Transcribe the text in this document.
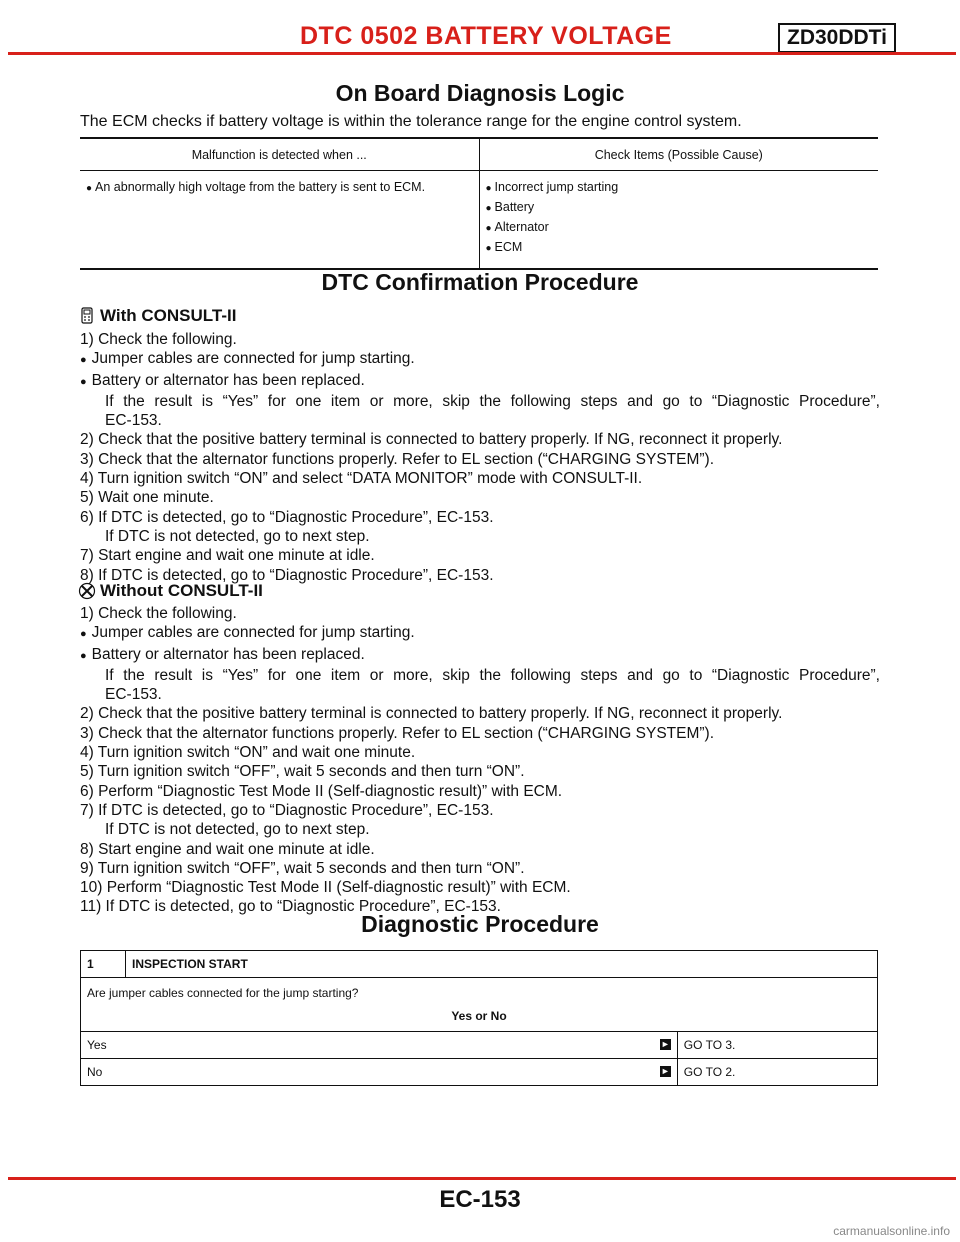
DTC 0502 BATTERY VOLTAGE	ZD30DDTi
On Board Diagnosis Logic
The ECM checks if battery voltage is within the tolerance range for the engine control system.
Malfunction is detected when ...	Check Items (Possible Cause)

● An abnormally high voltage from the battery is sent to ECM.	● Incorrect jump starting
● Battery
● Alternator
● ECM
DTC Confirmation Procedure
With CONSULT-II
1) Check the following.
● Jumper cables are connected for jump starting.
● Battery or alternator has been replaced.
If the result is “Yes” for one item or more, skip the following steps and go to “Diagnostic Procedure”,
EC-153.
2) Check that the positive battery terminal is connected to battery properly. If NG, reconnect it properly.
3) Check that the alternator functions properly. Refer to EL section (“CHARGING SYSTEM”).
4) Turn ignition switch “ON” and select “DATA MONITOR” mode with CONSULT-II.
5) Wait one minute.
6) If DTC is detected, go to “Diagnostic Procedure”, EC-153.
If DTC is not detected, go to next step.
7) Start engine and wait one minute at idle.
8) If DTC is detected, go to “Diagnostic Procedure”, EC-153.
Without CONSULT-II
1) Check the following.
● Jumper cables are connected for jump starting.
● Battery or alternator has been replaced.
If the result is “Yes” for one item or more, skip the following steps and go to “Diagnostic Procedure”,
EC-153.
2) Check that the positive battery terminal is connected to battery properly. If NG, reconnect it properly.
3) Check that the alternator functions properly. Refer to EL section (“CHARGING SYSTEM”).
4) Turn ignition switch “ON” and wait one minute.
5) Turn ignition switch “OFF”, wait 5 seconds and then turn “ON”.
6) Perform “Diagnostic Test Mode II (Self-diagnostic result)” with ECM.
7) If DTC is detected, go to “Diagnostic Procedure”, EC-153.
If DTC is not detected, go to next step.
8) Start engine and wait one minute at idle.
9) Turn ignition switch “OFF”, wait 5 seconds and then turn “ON”.
10) Perform “Diagnostic Test Mode II (Self-diagnostic result)” with ECM.
11) If DTC is detected, go to “Diagnostic Procedure”, EC-153.
Diagnostic Procedure
1	INSPECTION START	

Are jumper cables connected for the jump starting?
Yes or No		

Yes ►		GO TO 3.
No ►		GO TO 2.
EC-153
carmanualsonline.info
